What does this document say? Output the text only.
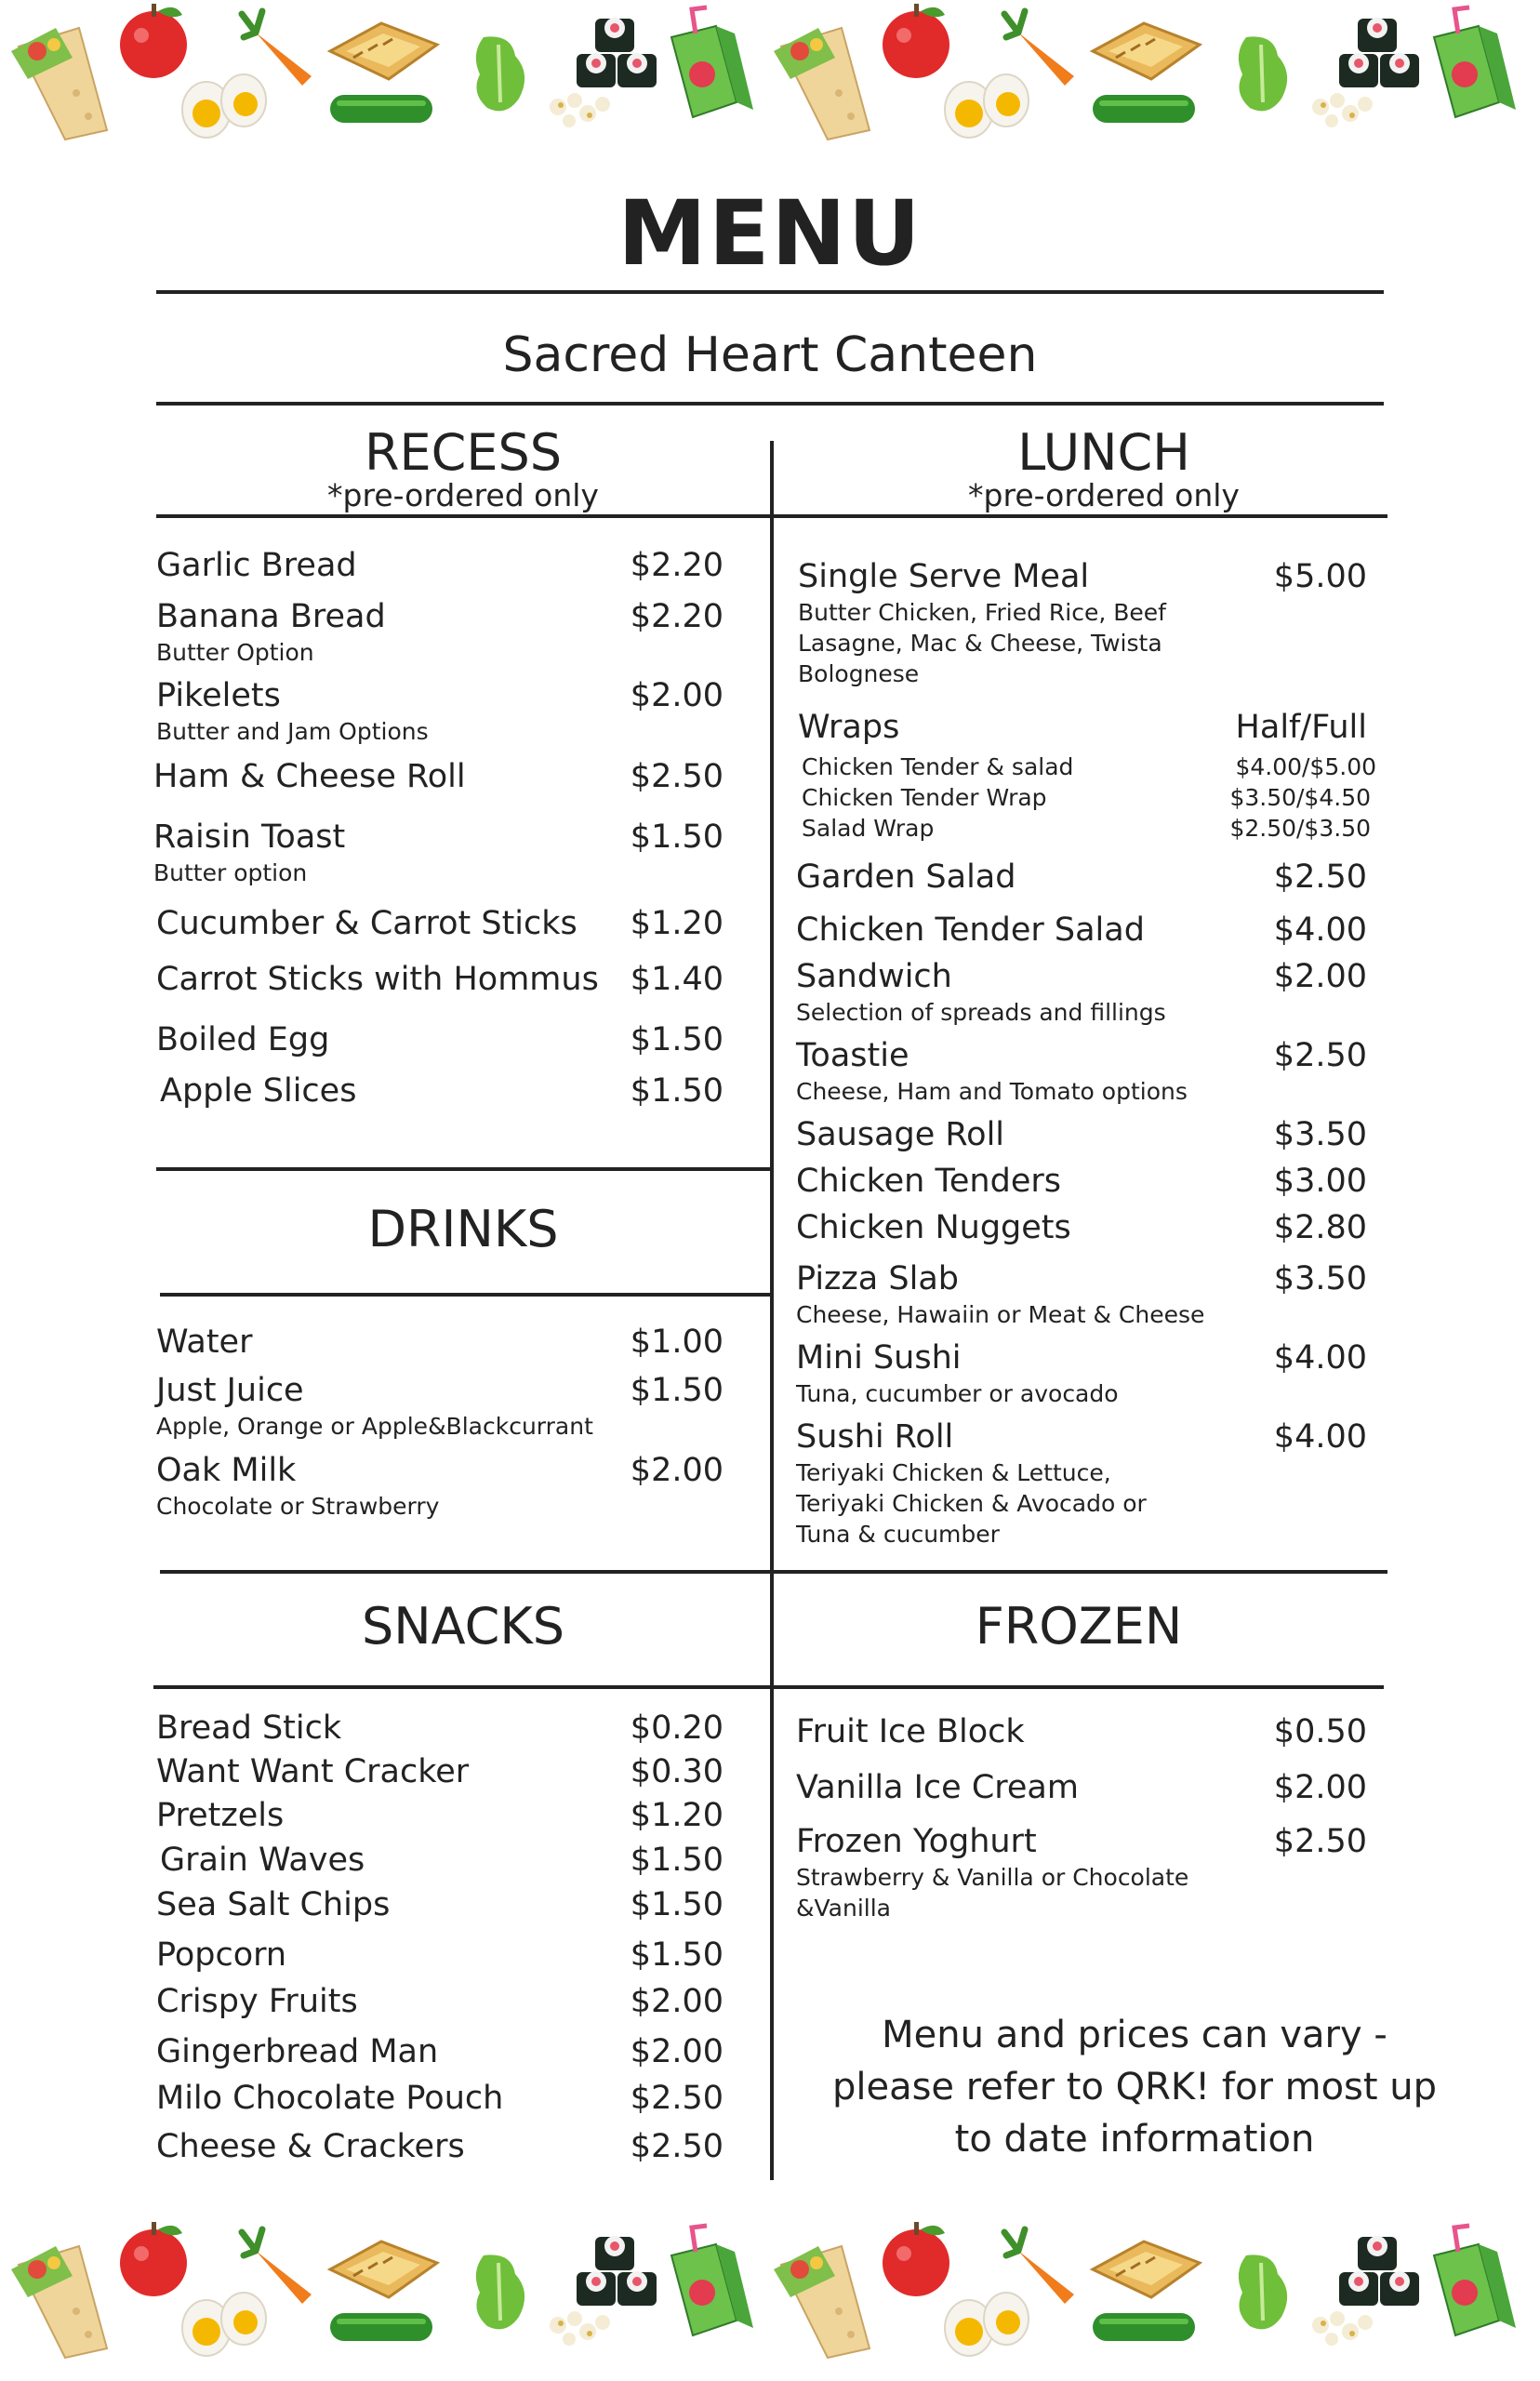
MENU
Sacred Heart Canteen
RECESS
*pre-ordered only
Garlic Bread	$2.20
Banana Bread	$2.20
Butter Option
Pikelets	$2.00
Butter and Jam Options
Ham & Cheese Roll	$2.50
Raisin Toast	$1.50
Butter option
Cucumber & Carrot Sticks $1.20
Carrot Sticks with Hommus $1.40
Boiled Egg	$1.50
Apple Slices	$1.50
DRINKS
Water	$1.00
Just Juice	$1.50
Apple, Orange or Apple&Blackcurrant
Oak Milk	$2.00
Chocolate or Strawberry
SNACKS
Bread Stick	$0.20
Want Want Cracker	$0.30
Pretzels	$1.20
Grain Waves	$1.50
Sea Salt Chips	$1.50
Popcorn	$1.50
Crispy Fruits	$2.00
Gingerbread Man	$2.00
Milo Chocolate Pouch	$2.50
Cheese & Crackers	$2.50
LUNCH
*pre-ordered only
Single Serve Meal	$5.00
Butter Chicken, Fried Rice, Beef Lasagne, Mac & Cheese, Twista Bolognese
Wraps	Half/Full
Chicken Tender & salad	$4.00/$5.00
Chicken Tender Wrap	$3.50/$4.50
Salad Wrap	$2.50/$3.50
Garden Salad	$2.50
Chicken Tender Salad	$4.00
Sandwich	$2.00
Selection of spreads and fillings
Toastie	$2.50
Cheese, Ham and Tomato options
Sausage Roll	$3.50
Chicken Tenders	$3.00
Chicken Nuggets	$2.80
Pizza Slab	$3.50
Cheese, Hawaiin or Meat & Cheese
Mini Sushi	$4.00
Tuna, cucumber or avocado
Sushi Roll	$4.00
Teriyaki Chicken & Lettuce, Teriyaki Chicken & Avocado or Tuna & cucumber
FROZEN
Fruit Ice Block	$0.50
Vanilla Ice Cream	$2.00
Frozen Yoghurt	$2.50
Strawberry & Vanilla or Chocolate &Vanilla
Menu and prices can vary - please refer to QRK! for most up to date information
